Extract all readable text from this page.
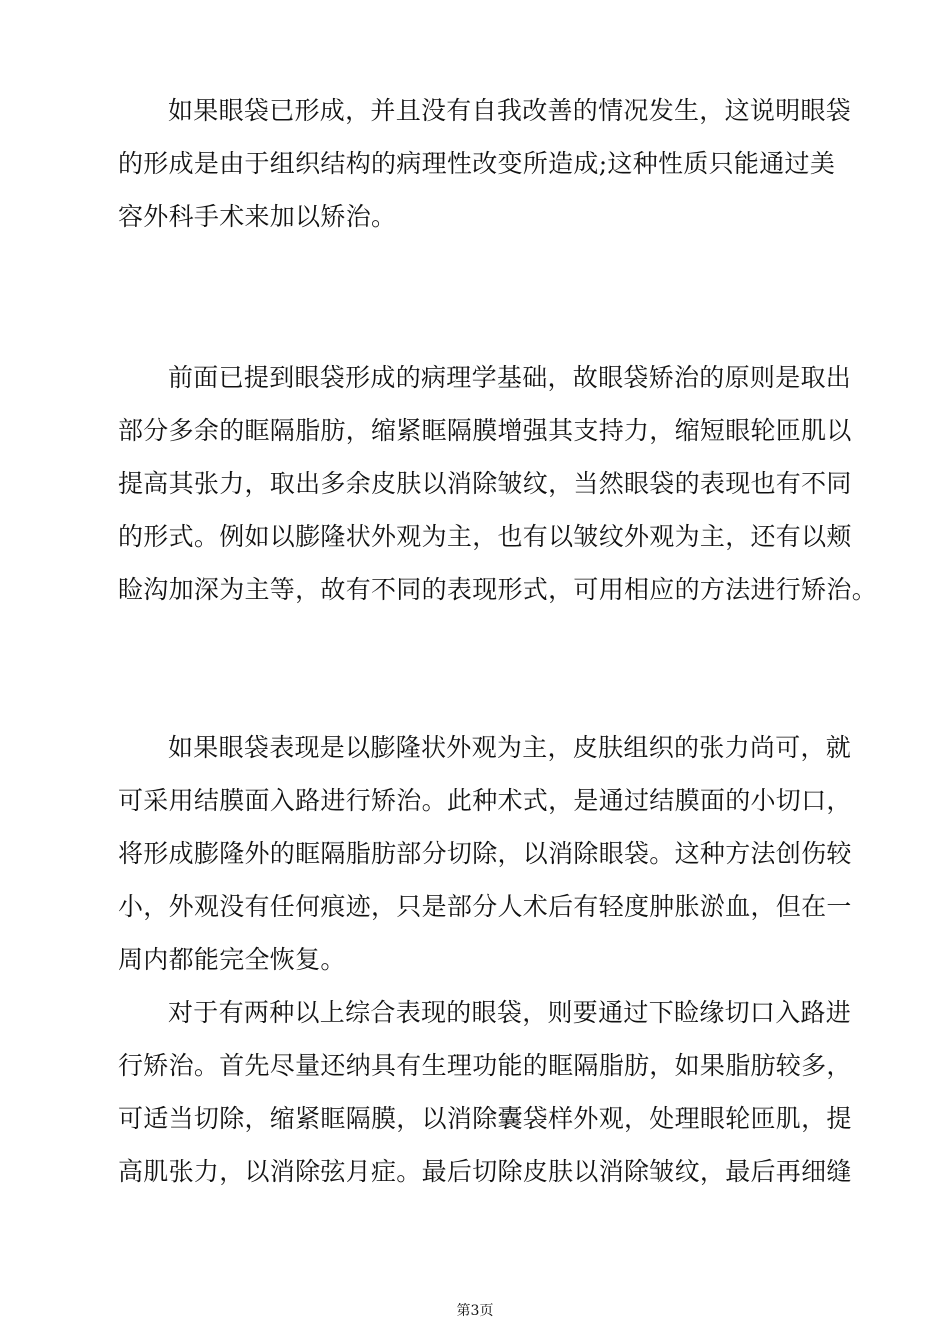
如果眼袋已形成，并且没有自我改善的情况发生，这说明眼袋
的形成是由于组织结构的病理性改变所造成;这种性质只能通过美
容外科手术来加以矫治。
前面已提到眼袋形成的病理学基础，故眼袋矫治的原则是取出
部分多余的眶隔脂肪，缩紧眶隔膜增强其支持力，缩短眼轮匝肌以
提高其张力，取出多余皮肤以消除皱纹，当然眼袋的表现也有不同
的形式。例如以膨隆状外观为主，也有以皱纹外观为主，还有以颊
睑沟加深为主等，故有不同的表现形式，可用相应的方法进行矫治。
如果眼袋表现是以膨隆状外观为主，皮肤组织的张力尚可，就
可采用结膜面入路进行矫治。此种术式，是通过结膜面的小切口，
将形成膨隆外的眶隔脂肪部分切除，以消除眼袋。这种方法创伤较
小，外观没有任何痕迹，只是部分人术后有轻度肿胀淤血，但在一
周内都能完全恢复。
对于有两种以上综合表现的眼袋，则要通过下睑缘切口入路进
行矫治。首先尽量还纳具有生理功能的眶隔脂肪，如果脂肪较多，
可适当切除，缩紧眶隔膜，以消除囊袋样外观，处理眼轮匝肌，提
高肌张力，以消除弦月症。最后切除皮肤以消除皱纹，最后再细缝
第3页
